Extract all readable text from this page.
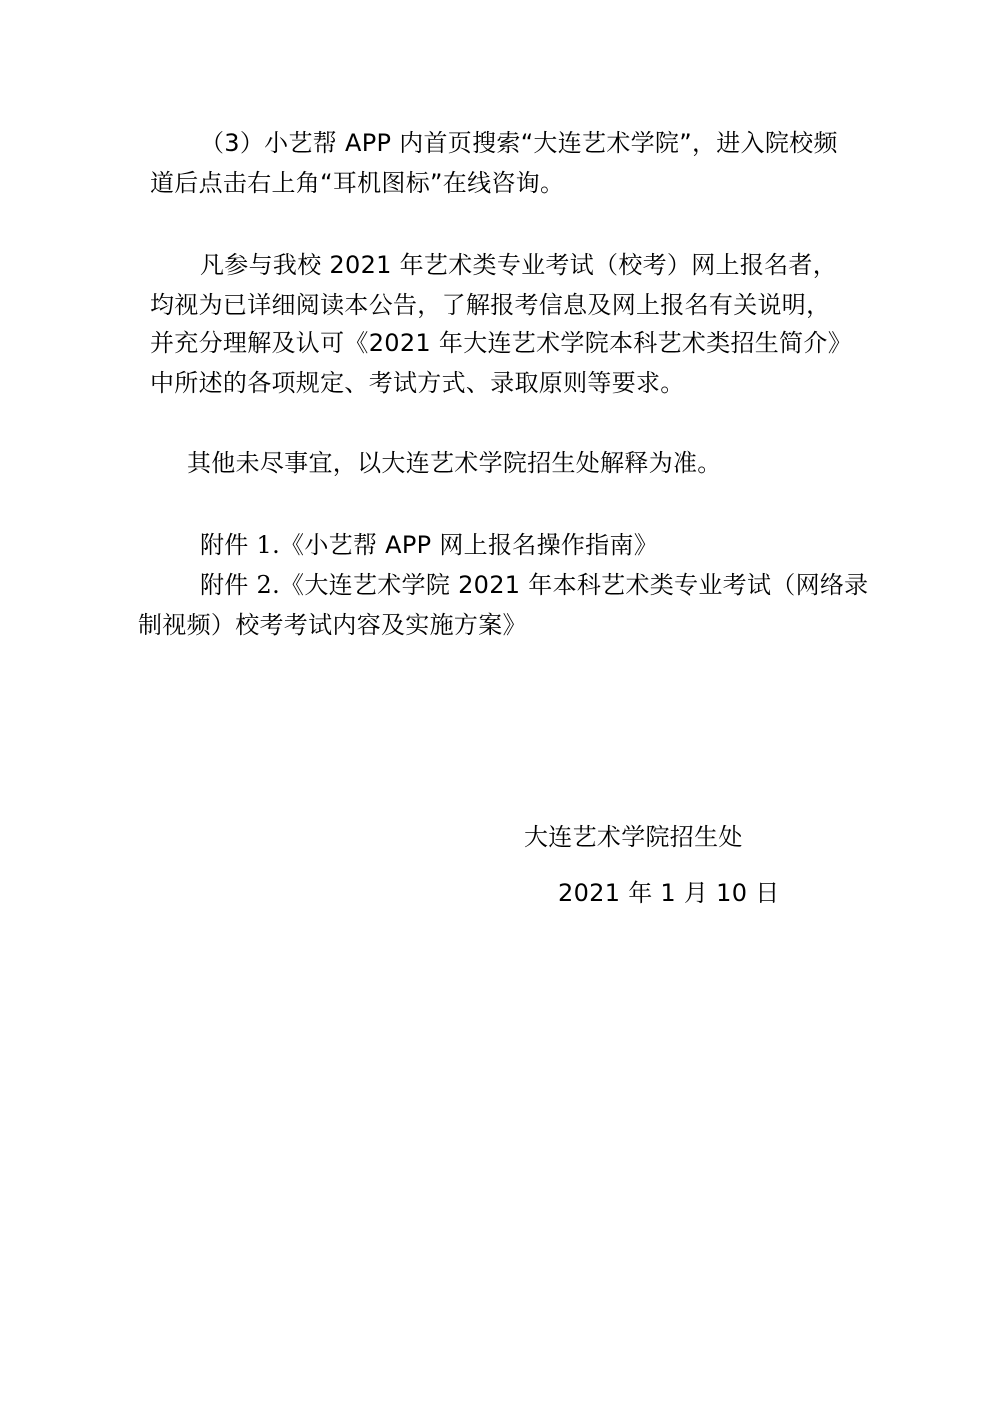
（3）小艺帮 APP 内首页搜索“大连艺术学院”，进入院校频
道后点击右上角“耳机图标”在线咨询。
凡参与我校 2021 年艺术类专业考试（校考）网上报名者，
均视为已详细阅读本公告，了解报考信息及网上报名有关说明，
并充分理解及认可《2021 年大连艺术学院本科艺术类招生简介》
中所述的各项规定、考试方式、录取原则等要求。
其他未尽事宜，以大连艺术学院招生处解释为准。
附件 1.《小艺帮 APP 网上报名操作指南》
附件 2.《大连艺术学院 2021 年本科艺术类专业考试（网络录
制视频）校考考试内容及实施方案》
大连艺术学院招生处
2021 年 1 月 10 日
